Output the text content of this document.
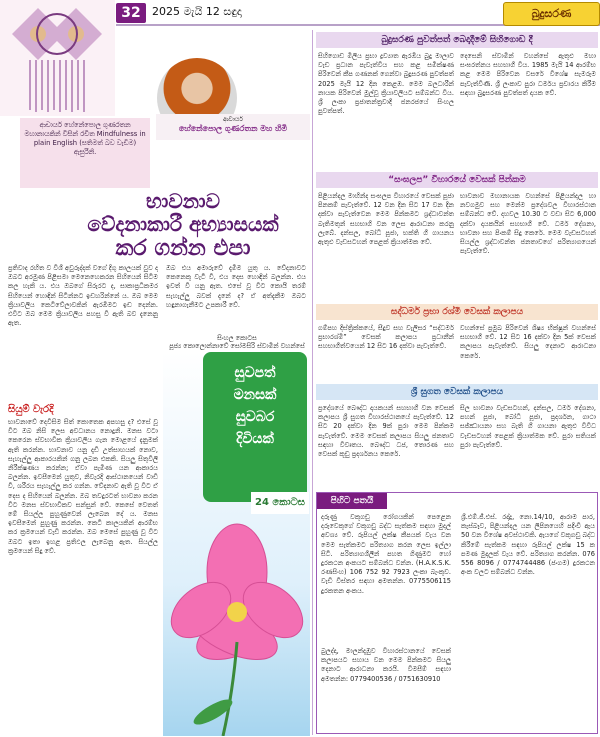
32	2025 මැයි 12 සඳුදා	බුදුසරණ
ආචාර්ය
හේනේපොල ගුණරතන මහ හිමි
ආචාර්ය හේනේපොල ගුණරතන මහානායකින් විසින් රචිත Mindfulness in plain English (සතිමත් බව වැඩීම) ඇසුරිනි.
භාවනාව
වේදනාකාරී අභ්‍යාසයක්
කර ගන්න එපා
ප්‍රතිවාද රහිත ව විශී අවුරුද්දක් වගේ දිගු කාලයක් වුව ද ඔබට අරමුණ පිළිසමා මෙනෙහෙකරන සිහියෙන් සිටීම කල හැකි ය. එය ඔබගේ සිරුරට ද, සාකාප්‍රධිකමර සිහියෙන් හොඳින් සිටින්නට ඉඩහරින්නේ ය. ඔබ මෙම ක්‍රියාවලිය කෙටිවේලාවකින් ඇරඹීමට ඉඩ දෙන්න. එවිට ඔබ මෙම ක්‍රියාවලිය පහසු වී ඇති බව දැනෙනු ඇත.
ඔබ එය අමාරුවේ දැමීම යුතු ය. වේදනාවට කෙනෙකු වැටී වී, එය දෙස හොඳින් බලන්න. එය ඉවත් වී යනු ඇත. එසේ වූ විට කොයි තරම් සැහැල්ලු බවක් දැනේ ද? ඒ අත්දැකීම ඔබට හඳුනාගැනීමට උපකාරී වේ.
සිංහල කොටස
පූජ්‍ය කොලොන්නාවේ සෝමසිරි ස්වාමීන් වහන්සේ
සියුම් වැරදි
භාවනාවේ දෙවිසිම සිත් කොතෙක අපහසු ද? එසේ වූ විට ඔබ නිසි ලෙස අවධානය නොදුනි. මනස වටා කෙරෙන ස්වභාවික ක්‍රියාවලිය ගැන මොළයේ දැනුමක් ඇති කරන්න. භාවනාව යනු දැඩි උත්සාහයක් නොව, සැහැල්ලු ආකාරයකින් ගනු ලබන එකකි. සියලු සිතුවිලි නිරීක්ෂණය කරන්න; ඒවා පැමිණ යන ආකාරය බලන්න. ඉවසීමෙන් යුතුව, නිවැරදි ආස්ථානයෙන් වාඩි වී, ශරීරය සැහැල්ලු කර ගන්න. වේදනාව ඇති වූ විට ඒ දෙස ද සිහියෙන් බලන්න. ඔබ තවදුරටත් භාවනා කරන විට මනස ස්වභාවිකව සන්සුන් වේ. කෙසේ වෙතත් මේ සියල්ල පුහුණුවෙන් ලැබෙන දේ ය. මනස ඉවසීමෙන් පුහුණු කරන්න. කෙටි කාලයකින් ආරම්භ කර ක්‍රමයෙන් වැඩි කරන්න. ඔබ මෙසේ පුහුණු වූ විට ඔබට ඉතා ඉහළ ප්‍රතිඵල ලැබෙනු ඇත. සියල්ල ක්‍රමයෙන් සිදු වේ.
සුවපත්
මනසක්
සුවබර
දිවියක්
24 කොටස
බුදුසරණ පුවත්පත් බෙදාදීමේ සිහිගොඩ දී
සිහිගොඩ මිලිය ප්‍රභා ද්‍රව්‍යාත ඇරඹිය බුදු මාලාව වැඩ ප්‍රධාන පැවැත්විය සහ කළ සමීක්ෂණ පිරිවෙන් කීප ගණනක් ගෙන්වා බුදුසරණ පුවත්පත් 2025 මැයි 12 දින කෙළඹ. මෙම බලධාරීන් නායක පිරිවෙන් මුල්වූ ක්‍රියාවලියට සම්බන්ධ විය. ශ්‍රී ලංකා ප්‍රජාතන්ත්‍රවාදී ජනරජයේ සිංහල පුවත්පත්.
දෙසෙනි ස්වාමීන් වහන්සේ ඇතුළු මහා සංඝරත්නය සහභාගී විය. 1985 මැයි 14 ආරම්භ කළ මෙම පිරිවෙන වසරේ විශේෂ සැමරුම පැවැත්විණි. ශ්‍රී ලංකාව පුරා ධර්මය ප්‍රචාරය කිරීම සඳහා බුදුසරණ පුවත්පත් දායක වේ.
“සංඝලප” විහාරයේ වෙසක් පින්කම
පිළියන්දල මාහින්ද සංඝලප විහාරයේ වෙසක් පූජා පිනකම් පැවැත්වේ. 12 වන දින සිට 17 වන දින දක්වා පැවැත්වෙන මෙම පින්කමට ශ්‍රද්ධාවන්ත බැතිමතුන් සහභාගි වන ලෙස ආරාධනා කරනු ලැබේ. දන්සල, බෝධි පූජා, භක්ති ගී ගායනය ඇතුළු වැඩසටහන් පෙළක් ක්‍රියාත්මක වේ.
භාවනාව මහානායක වහන්සේ පිළියන්දල හා නවගමුව සහ මෙන්ම ප්‍රදේශවල විහාරස්ථාන සම්බන්ධ වේ. දහවල 10.30 ට වඩා සිට 6,000 දක්වා දායකයින් සහභාගී වේ. ධර්ම දේශනා, භාවනා සහ පිංකම් සිදු කෙරේ. මෙම වැඩසටහන් සියල්ල ශ්‍රද්ධාවන්ත ජනතාවගේ පරිත්‍යාගයෙන් පැවැත්වේ.
සද්ධර්ම ප්‍රභා රශ්මි වෙසක් කලාපය
ගම්පහ දිස්ත්‍රික්කයේ, සීදුව සහ වැලිසර “සද්ධර්ම ප්‍රභාරශ්මි” වෙසක් කලාපය ප්‍රධානීන් සහභාගීත්වයෙන් 12 සිට 16 දක්වා පැවැත්වේ.
වහන්සේ ප්‍රමුඛ පිරිවෙන් ශිෂ්‍ය භික්ෂූන් වහන්සේ සහභාගී වේ. 12 සිට 16 දක්වා දින 5ක් වෙසක් කලාපය පැවැත්වේ. සියලු දෙනාට ආරාධනා කෙරේ.
ශ්‍රී සුගත වෙසක් කලාපය
ප්‍රදේශයේ බෞද්ධ දායකයන් සහභාගී වන වෙසක් කලාපය ශ්‍රී සුගත විහාරස්ථානයේ පැවැත්වේ. 12 සිට 20 දක්වා දින 9ක් පුරා මෙම පින්කම පැවැත්වේ. මෙම වෙසක් කලාපය සියලු ජනතාව සඳහා විවෘතය. බෞද්ධ ධජ, තොරණ සහ වෙසක් කූඩු ප්‍රදර්ශනය කෙරේ.
සිල භාවනා වැඩසටහන්, දන්සල, ධර්ම දේශනා, පහන් පූජා, බෝධි පූජා, ප්‍රදර්ශන, ගාථා සජ්ඣායනා සහ බැති ගී ගායනා ඇතුළු විවිධ වැඩසටහන් පෙළක් ක්‍රියාත්මක වේ. පුරා සතියක් පුරා පැවැත්වේ.
පිහිට පතයි
දරුණු වකුගඩු රෝගයකින් පෙළෙන දරුවෙකුගේ වකුගඩු බද්ධ සැත්කම සඳහා මුදල් අවශ්‍ය වේ. රුපියල් ලක්ෂ කීපයක් වැය වන මෙම සැත්කමට පරිත්‍යාග කරන ලෙස ඉල්ලා සිටී. පරිත්‍යාගශීලීන් පහත ගිණුමට හෝ දුරකථන අංකයට සම්බන්ධ වන්න. (H.A.K.S.K. රණසිංහ) 106 752 92 7923 ලංකා බැංකුව. වැඩි විස්තර සඳහා අමතන්න. 0775506115 දුරකතන අංකය.
බුලද්දා, මාලන්දැඹුව විහාරස්ථානයේ වෙසක් කලාපයට සහාය වන මෙම පින්කමට සියලු දෙනාට ආරාධනා කරයි. විමසීම් සඳහා අමතන්න: 0779400536 / 0751630910
ශ්‍රී.එම්.ජී.එස්. රද්දූ, නො.14/10, ආරාම පාර, කැස්බෑව, පිළියන්දල යන ලිපිනයෙහි පදිංචි ඇය 50 වන විශේෂ අවස්ථාවකි. ඇයගේ වකුගඩු බද්ධ කිරීමේ සැත්කම සඳහා රුපියල් ලක්ෂ 15 ක පමණ මුදලක් වැය වේ. පරිත්‍යාග කරන්න. 076 556 8096 / 0774744486 (ජංගම) දුරකථන අංක වලට සම්බන්ධ වන්න.
